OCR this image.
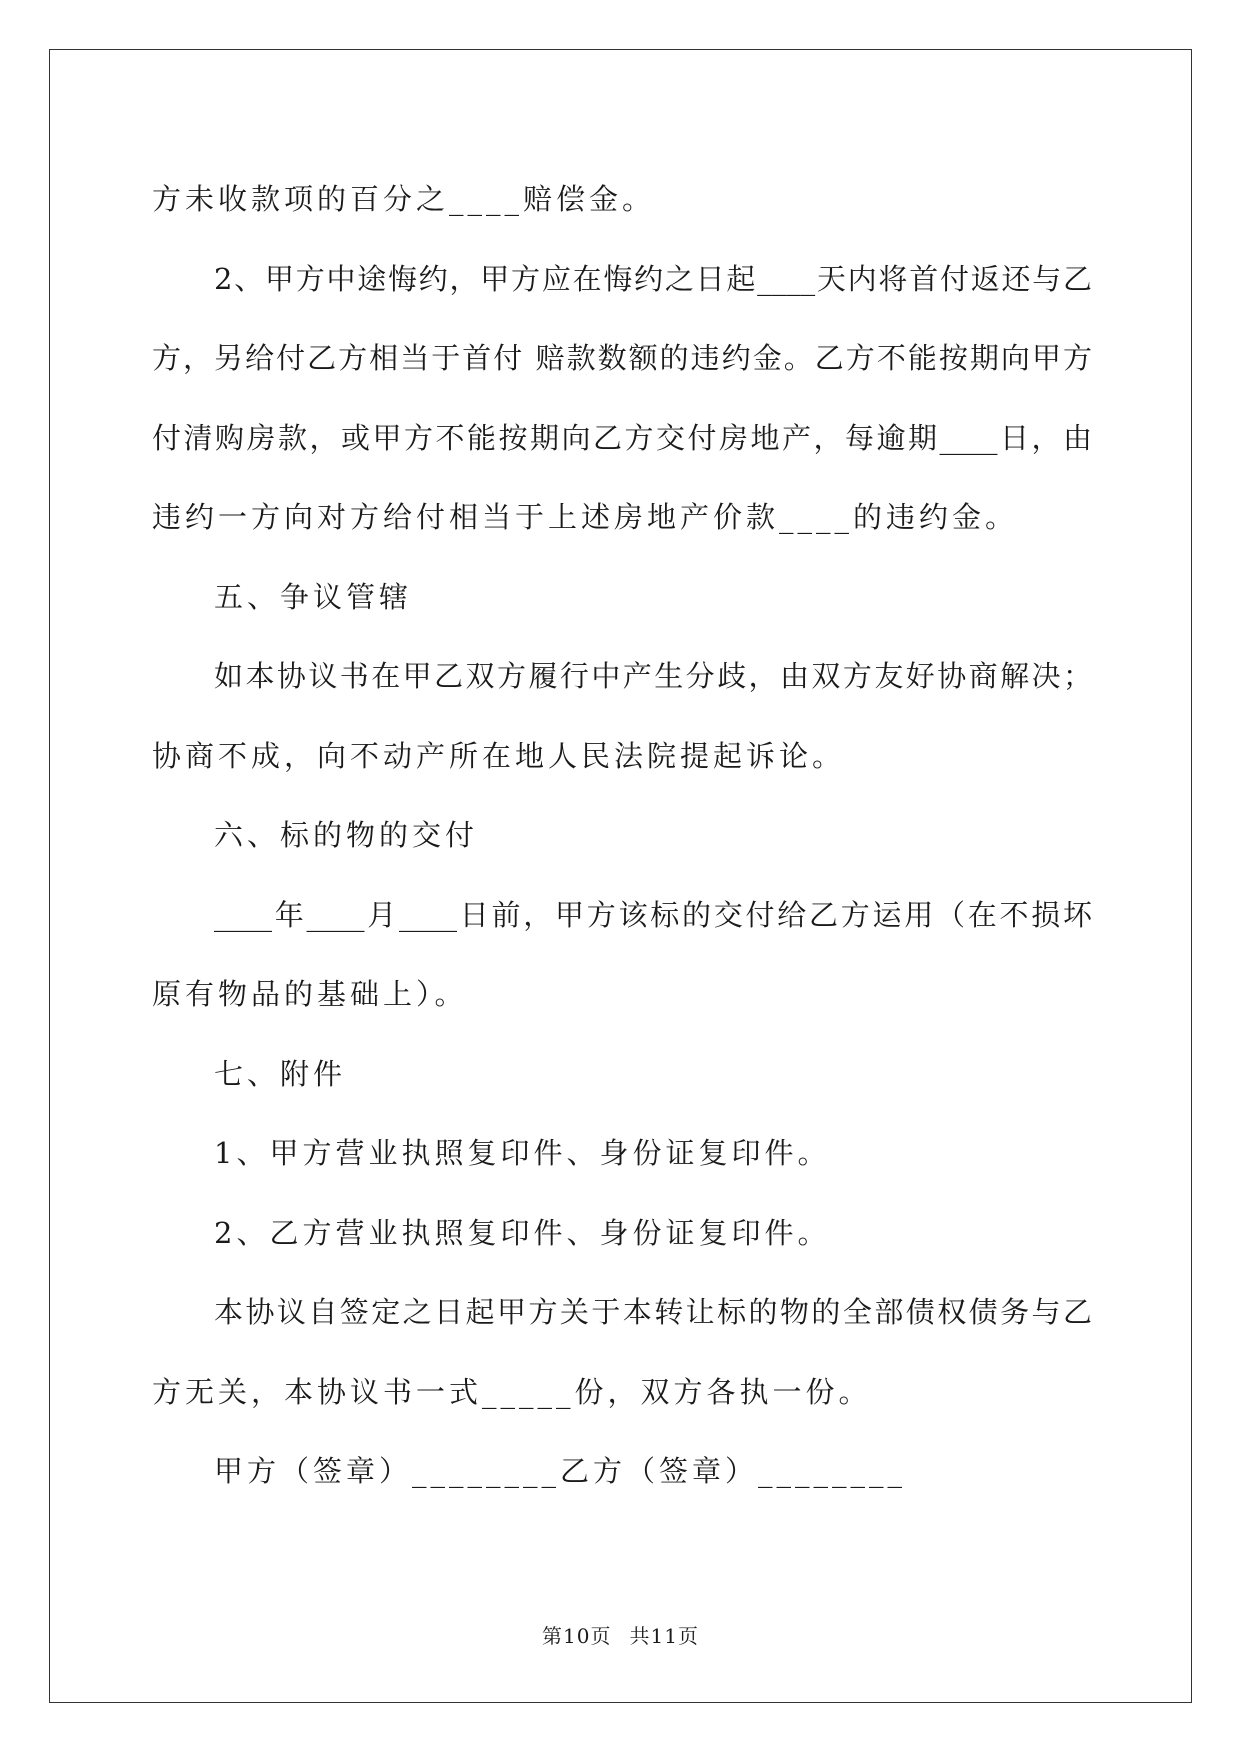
方未收款项的百分之____赔偿金。
2、甲方中途悔约，甲方应在悔约之日起____天内将首付返还与乙
方，另给付乙方相当于首付 赔款数额的违约金。乙方不能按期向甲方
付清购房款，或甲方不能按期向乙方交付房地产，每逾期____日，由
违约一方向对方给付相当于上述房地产价款____的违约金。
五、争议管辖
如本协议书在甲乙双方履行中产生分歧，由双方友好协商解决；
协商不成，向不动产所在地人民法院提起诉论。
六、标的物的交付
____年____月____日前，甲方该标的交付给乙方运用（在不损坏
原有物品的基础上）。
七、附件
1、甲方营业执照复印件、身份证复印件。
2、乙方营业执照复印件、身份证复印件。
本协议自签定之日起甲方关于本转让标的物的全部债权债务与乙
方无关，本协议书一式_____份，双方各执一份。
甲方（签章）________乙方（签章）________
第10页 共11页
